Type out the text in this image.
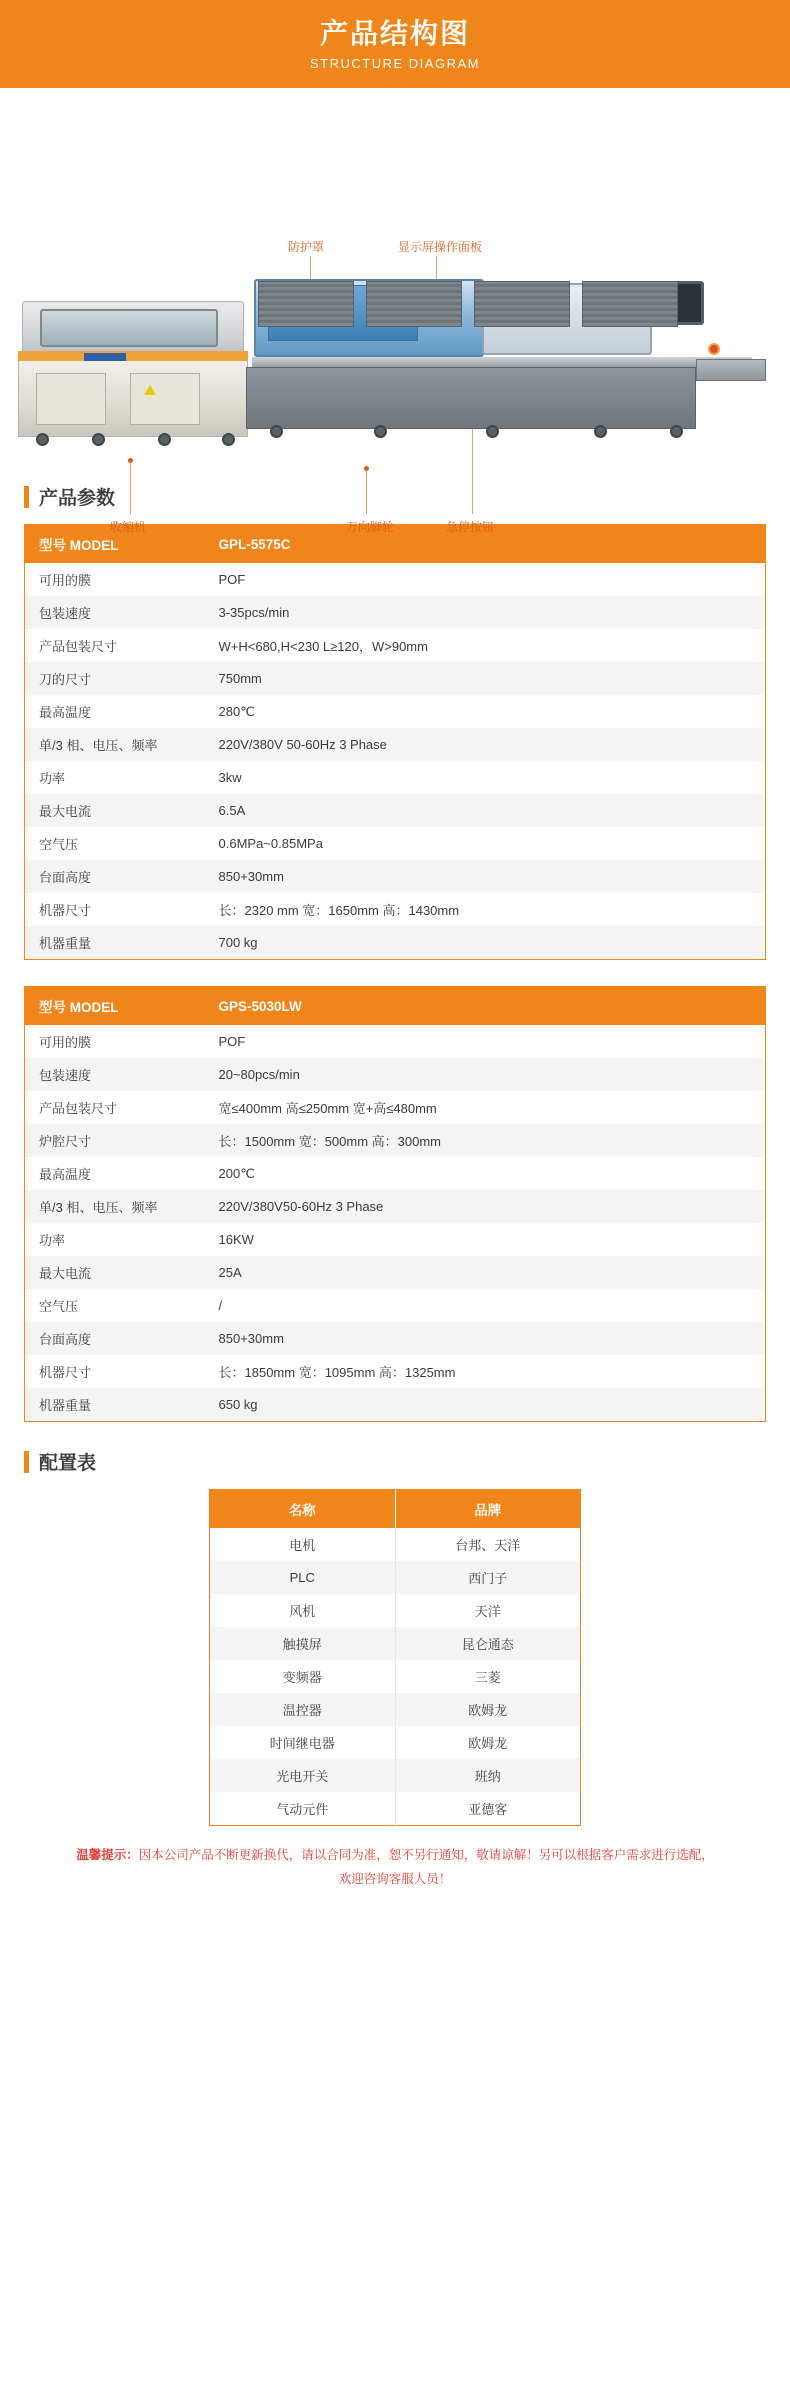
产品结构图
STRUCTURE DIAGRAM
防护罩	显示屏操作面板
收缩机	万向脚轮	急停按钮
产品参数
型号 MODEL	GPL-5575C
可用的膜	POF
包装速度	3-35pcs/min
产品包装尺寸	W+H<680,H<230 L≥120，W>90mm
刀的尺寸	750mm
最高温度	280℃
单/3 相、电压、频率	220V/380V 50-60Hz 3 Phase
功率	3kw
最大电流	6.5A
空气压	0.6MPa~0.85MPa
台面高度	850+30mm
机器尺寸	长：2320 mm 宽：1650mm 高：1430mm
机器重量	700 kg
型号 MODEL	GPS-5030LW
可用的膜	POF
包装速度	20~80pcs/min
产品包装尺寸	宽≤400mm 高≤250mm 宽+高≤480mm
炉腔尺寸	长：1500mm 宽：500mm 高：300mm
最高温度	200℃
单/3 相、电压、频率	220V/380V50-60Hz 3 Phase
功率	16KW
最大电流	25A
空气压	/
台面高度	850+30mm
机器尺寸	长：1850mm 宽：1095mm 高：1325mm
机器重量	650 kg
配置表
名称	品牌
电机	台邦、天洋
PLC	西门子
风机	天洋
触摸屏	昆仑通态
变频器	三菱
温控器	欧姆龙
时间继电器	欧姆龙
光电开关	班纳
气动元件	亚德客
温馨提示：因本公司产品不断更新换代，请以合同为准，恕不另行通知，敬请谅解！另可以根据客户需求进行选配，欢迎咨询客服人员！
